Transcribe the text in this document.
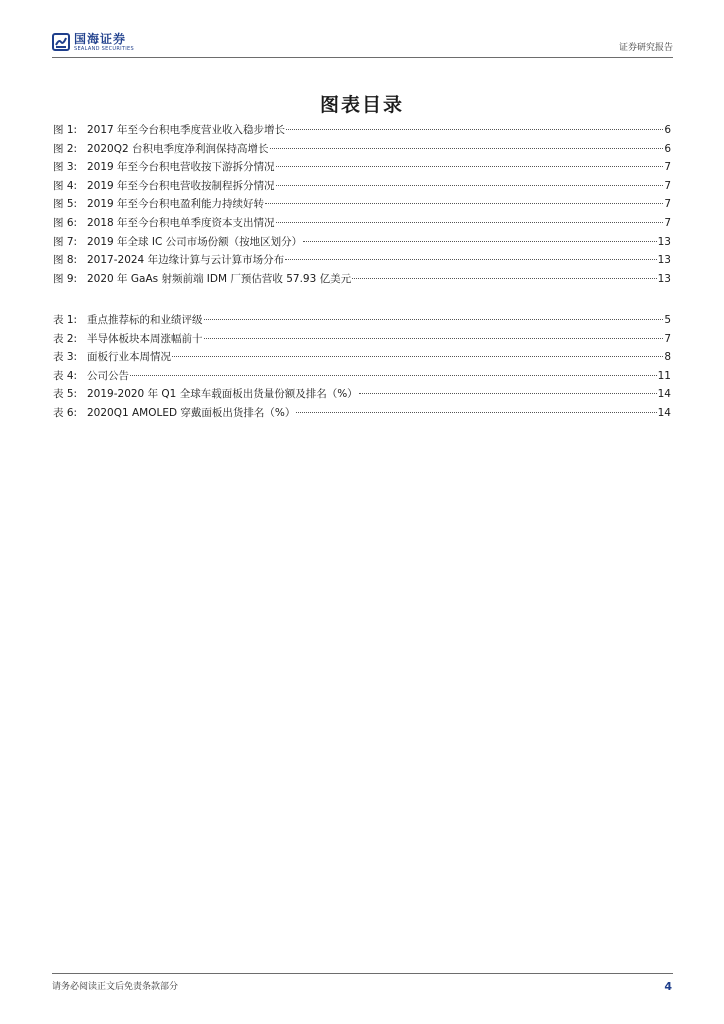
国海证券
SEALAND SECURITIES	证券研究报告
图表目录
图 1: 2017 年至今台积电季度营业收入稳步增长	6
图 2: 2020Q2 台积电季度净利润保持高增长	6
图 3: 2019 年至今台积电营收按下游拆分情况	7
图 4: 2019 年至今台积电营收按制程拆分情况	7
图 5: 2019 年至今台积电盈利能力持续好转	7
图 6: 2018 年至今台积电单季度资本支出情况	7
图 7: 2019 年全球 IC 公司市场份额（按地区划分）	13
图 8: 2017-2024 年边缘计算与云计算市场分布	13
图 9: 2020 年 GaAs 射频前端 IDM 厂预估营收 57.93 亿美元	13
表 1: 重点推荐标的和业绩评级	5
表 2: 半导体板块本周涨幅前十	7
表 3: 面板行业本周情况	8
表 4: 公司公告	11
表 5: 2019-2020 年 Q1 全球车载面板出货量份额及排名（%）	14
表 6: 2020Q1 AMOLED 穿戴面板出货排名（%）	14
请务必阅读正文后免责条款部分	4
